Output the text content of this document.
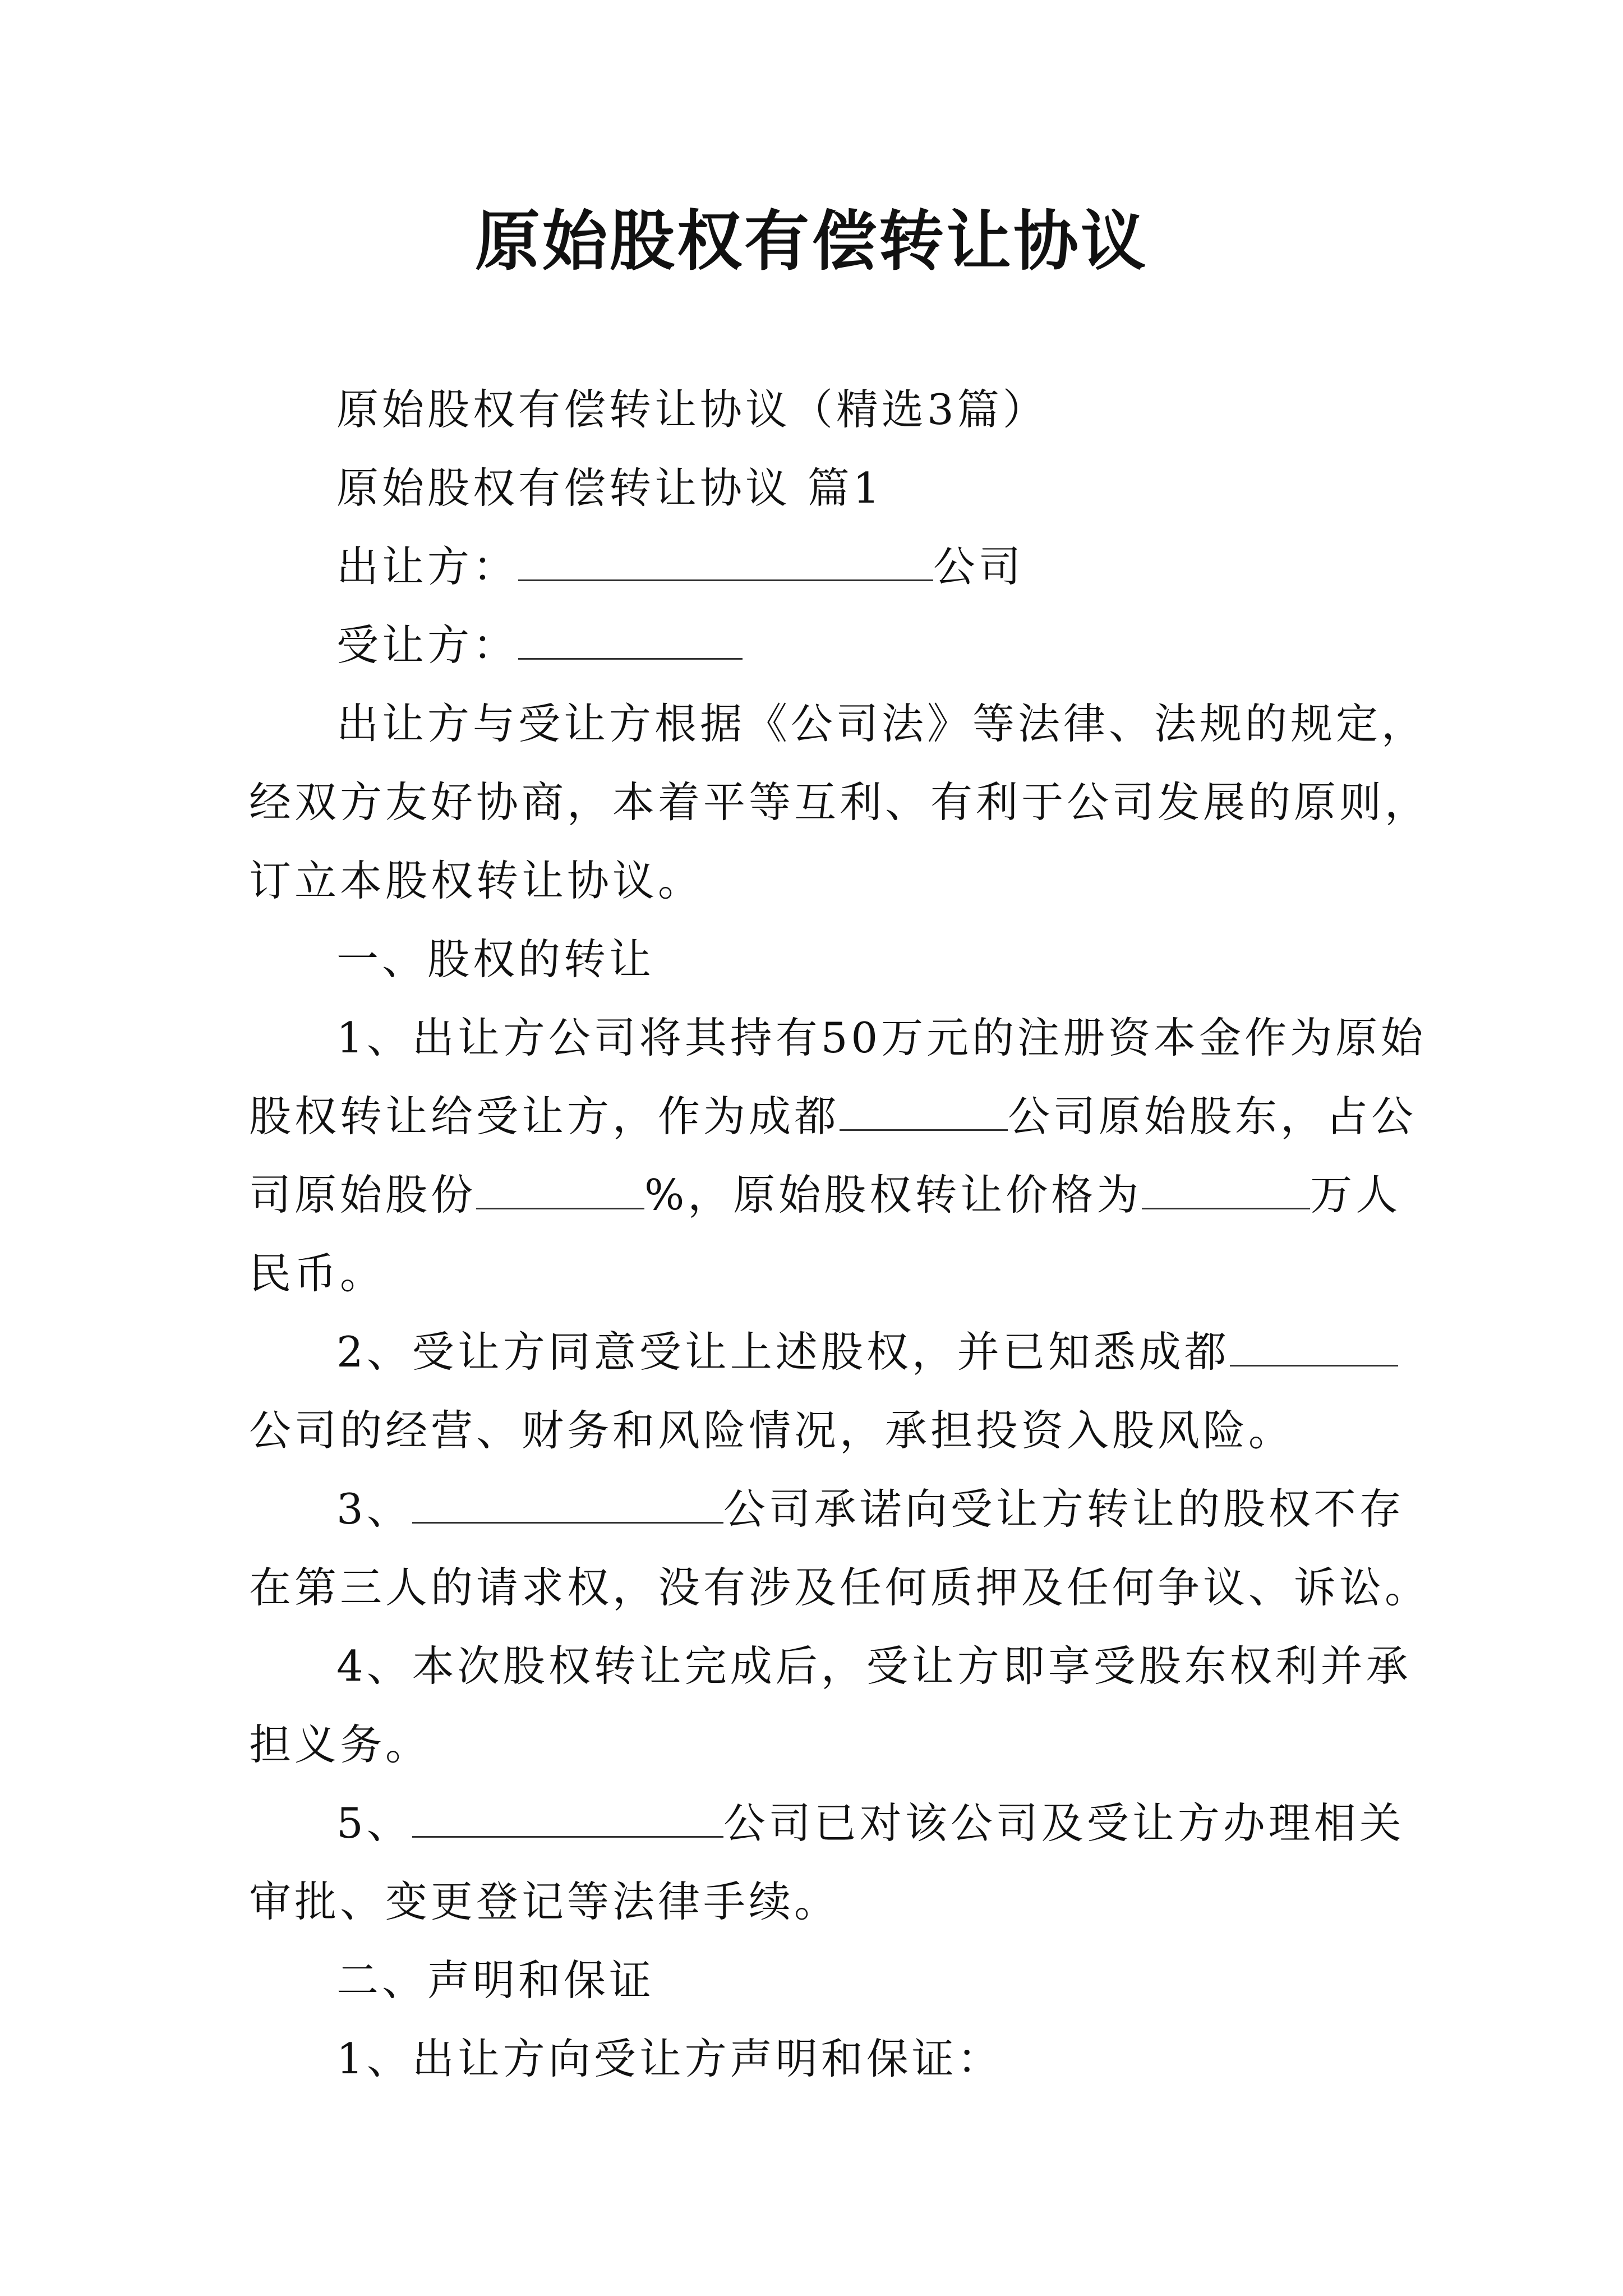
原始股权有偿转让协议
原始股权有偿转让协议（精选3篇）
原始股权有偿转让协议 篇1
出让方：	公司
受让方：
出让方与受让方根据《公司法》等法律、法规的规定，
经双方友好协商，本着平等互利、有利于公司发展的原则，
订立本股权转让协议。
一、股权的转让
1、出让方公司将其持有50万元的注册资本金作为原始
股权转让给受让方，作为成都	公司原始股东，占公
司原始股份	%，原始股权转让价格为	万人
民币。
2、受让方同意受让上述股权，并已知悉成都
公司的经营、财务和风险情况，承担投资入股风险。
3、	公司承诺向受让方转让的股权不存
在第三人的请求权，没有涉及任何质押及任何争议、诉讼。
4、本次股权转让完成后，受让方即享受股东权利并承
担义务。
5、	公司已对该公司及受让方办理相关
审批、变更登记等法律手续。
二、声明和保证
1、出让方向受让方声明和保证：
